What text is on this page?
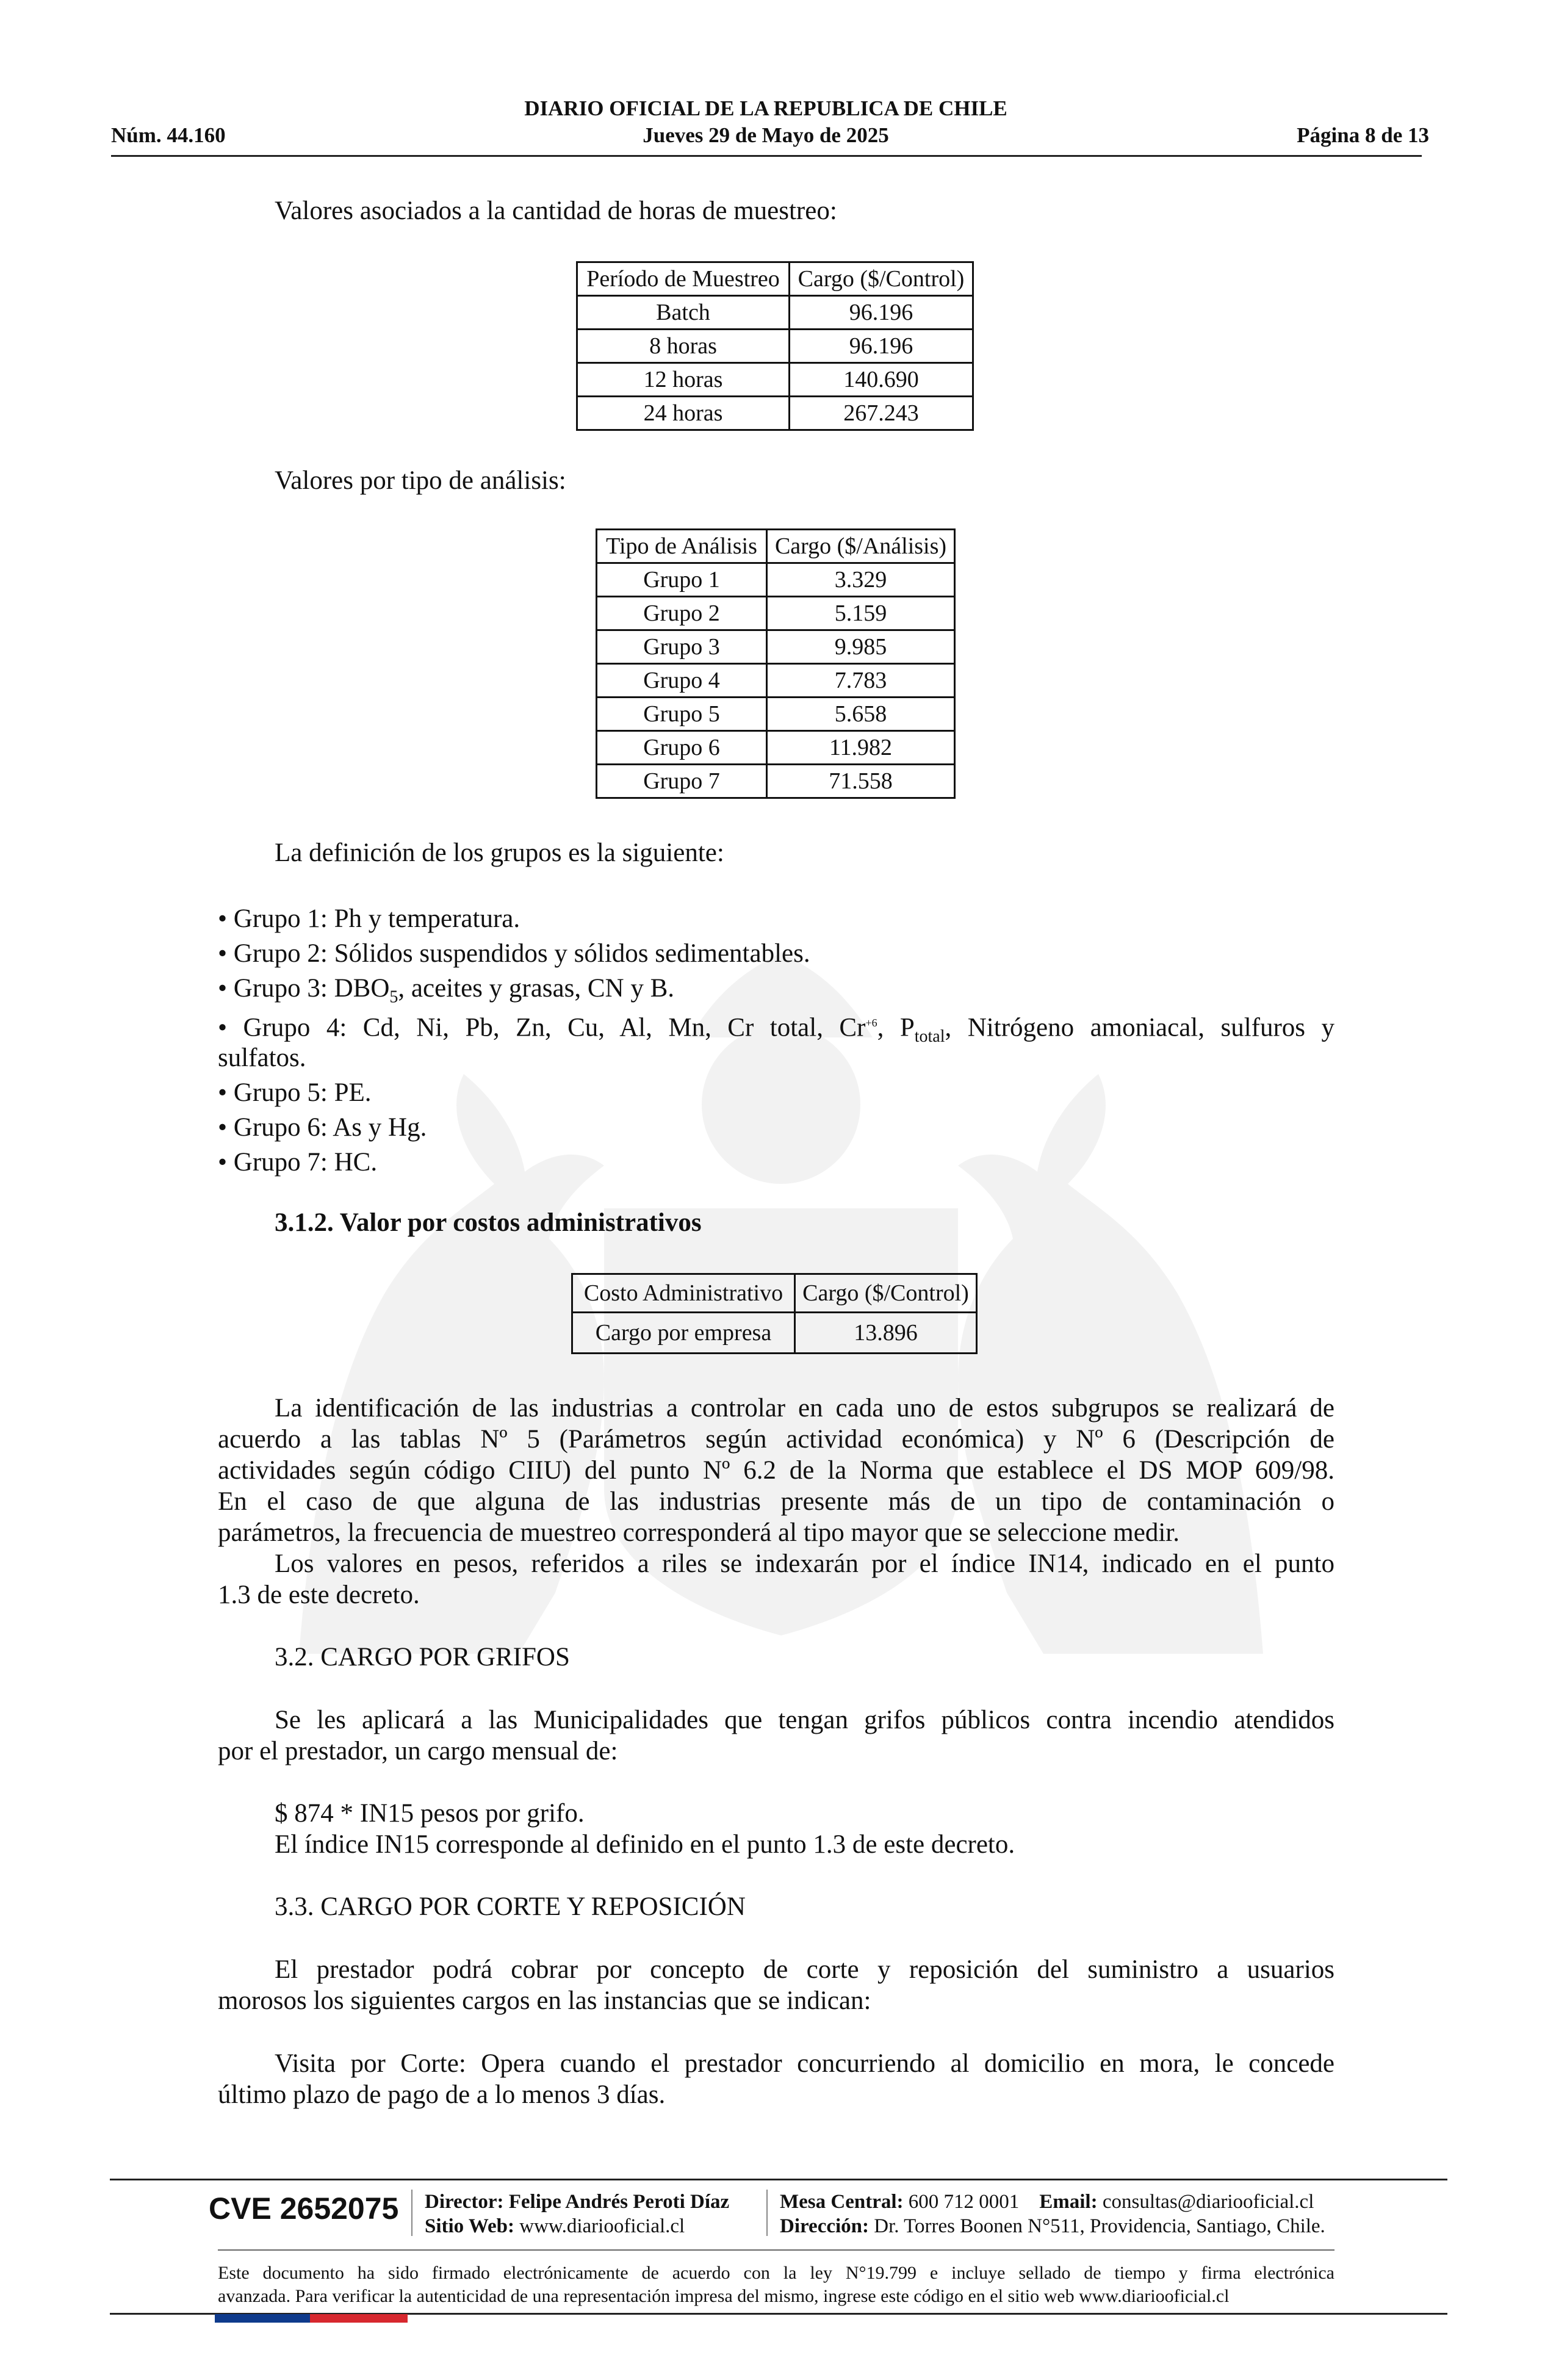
Núm. 44.160
DIARIO OFICIAL DE LA REPUBLICA DE CHILE
Jueves 29 de Mayo de 2025	Página 8 de 13
Valores asociados a la cantidad de horas de muestreo:
Período de Muestreo	Cargo ($/Control)
Batch	96.196
8 horas	96.196
12 horas	140.690
24 horas	267.243
Valores por tipo de análisis:
Tipo de Análisis	Cargo ($/Análisis)
Grupo 1	3.329
Grupo 2	5.159
Grupo 3	9.985
Grupo 4	7.783
Grupo 5	5.658
Grupo 6	11.982
Grupo 7	71.558
La definición de los grupos es la siguiente:
• Grupo 1: Ph y temperatura.
• Grupo 2: Sólidos suspendidos y sólidos sedimentables.
• Grupo 3: $DBO_5$, aceites y grasas, CN y B.
• Grupo 4: Cd, Ni, Pb, Zn, Cu, Al, Mn, Cr total, $Cr^{+6}$, $P_{total}$, Nitrógeno amoniacal, sulfuros y
sulfatos.
• Grupo 5: PE.
• Grupo 6: As y Hg.
• Grupo 7: HC.
3.1.2. Valor por costos administrativos
Costo Administrativo	Cargo ($/Control)
Cargo por empresa	13.896
La identificación de las industrias a controlar en cada uno de estos subgrupos se realizará de
acuerdo a las tablas Nº 5 (Parámetros según actividad económica) y Nº 6 (Descripción de
actividades según código CIIU) del punto Nº 6.2 de la Norma que establece el DS MOP 609/98.
En el caso de que alguna de las industrias presente más de un tipo de contaminación o
parámetros, la frecuencia de muestreo corresponderá al tipo mayor que se seleccione medir.
Los valores en pesos, referidos a riles se indexarán por el índice IN14, indicado en el punto
1.3 de este decreto.
3.2. CARGO POR GRIFOS
Se les aplicará a las Municipalidades que tengan grifos públicos contra incendio atendidos
por el prestador, un cargo mensual de:
$ 874 * IN15 pesos por grifo.
El índice IN15 corresponde al definido en el punto 1.3 de este decreto.
3.3. CARGO POR CORTE Y REPOSICIÓN
El prestador podrá cobrar por concepto de corte y reposición del suministro a usuarios
morosos los siguientes cargos en las instancias que se indican:
Visita por Corte: Opera cuando el prestador concurriendo al domicilio en mora, le concede
último plazo de pago de a lo menos 3 días.
CVE 2652075 Director: Felipe Andrés Peroti Díaz
Sitio Web: www.diariooficial.cl
Mesa Central: 600 712 0001 Email: consultas@diariooficial.cl
Dirección: Dr. Torres Boonen N°511, Providencia, Santiago, Chile.
Este documento ha sido firmado electrónicamente de acuerdo con la ley N°19.799 e incluye sellado de tiempo y firma electrónica
avanzada. Para verificar la autenticidad de una representación impresa del mismo, ingrese este código en el sitio web www.diariooficial.cl
